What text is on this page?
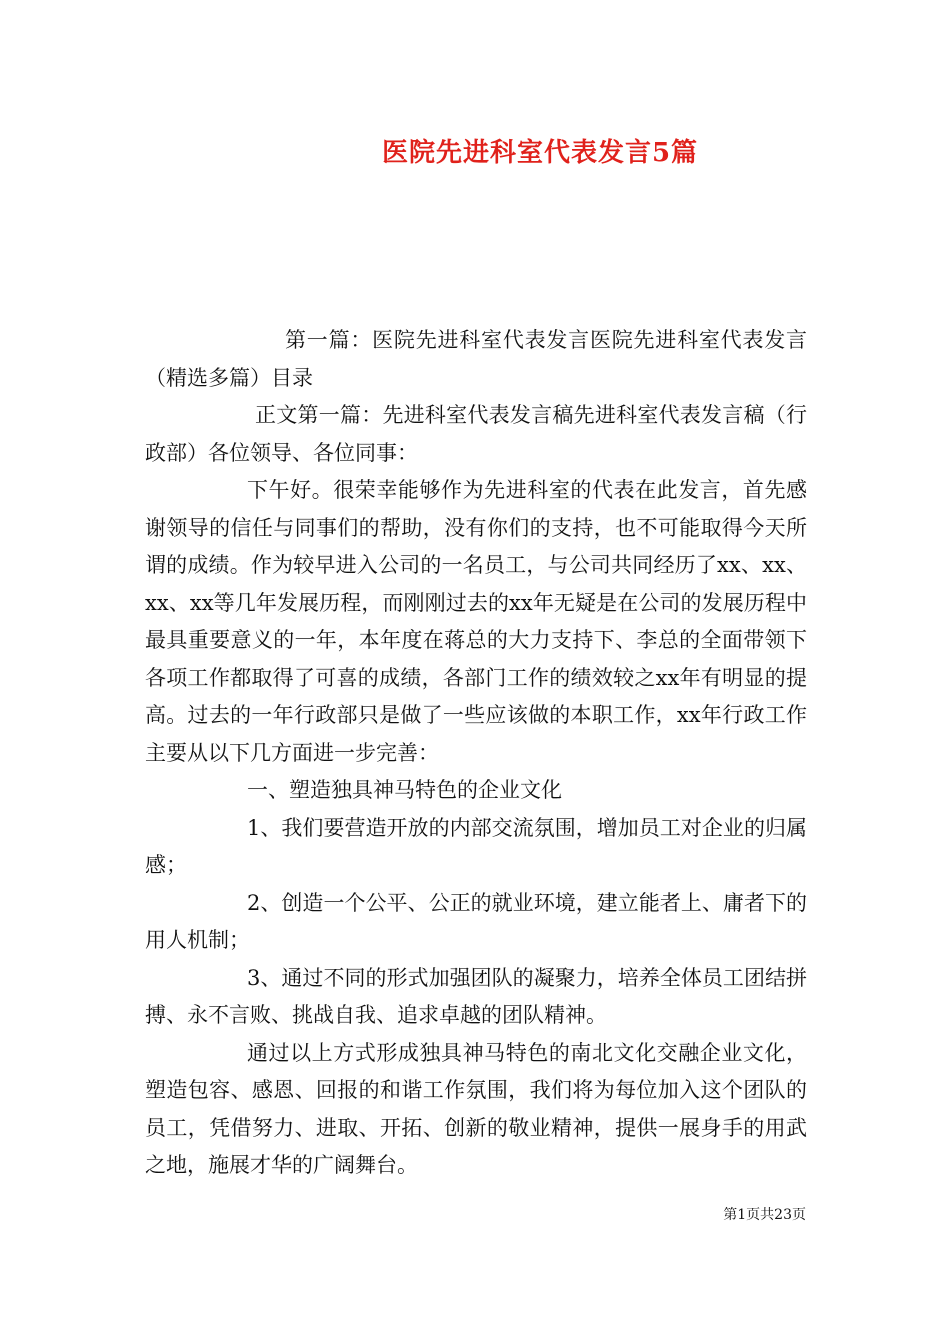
医院先进科室代表发言5篇

第一篇：医院先进科室代表发言医院先进科室代表发言（精选多篇）目录

正文第一篇：先进科室代表发言稿先进科室代表发言稿（行政部）各位领导、各位同事：

下午好。很荣幸能够作为先进科室的代表在此发言，首先感谢领导的信任与同事们的帮助，没有你们的支持，也不可能取得今天所谓的成绩。作为较早进入公司的一名员工，与公司共同经历了xx、xx、xx、xx等几年发展历程，而刚刚过去的xx年无疑是在公司的发展历程中最具重要意义的一年，本年度在蒋总的大力支持下、李总的全面带领下各项工作都取得了可喜的成绩，各部门工作的绩效较之xx年有明显的提高。过去的一年行政部只是做了一些应该做的本职工作，xx年行政工作主要从以下几方面进一步完善：

一、塑造独具神马特色的企业文化

1、我们要营造开放的内部交流氛围，增加员工对企业的归属感；

2、创造一个公平、公正的就业环境，建立能者上、庸者下的用人机制；

3、通过不同的形式加强团队的凝聚力，培养全体员工团结拼搏、永不言败、挑战自我、追求卓越的团队精神。

通过以上方式形成独具神马特色的南北文化交融企业文化，塑造包容、感恩、回报的和谐工作氛围，我们将为每位加入这个团队的员工，凭借努力、进取、开拓、创新的敬业精神，提供一展身手的用武之地，施展才华的广阔舞台。

第1页共23页
